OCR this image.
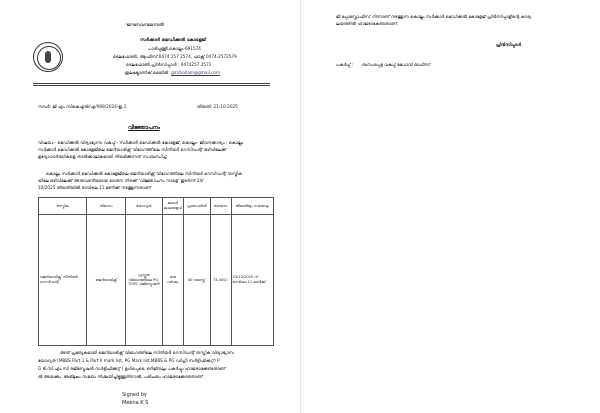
"ജനസേവനമെന്നാൽ"
സർക്കാർ മെഡിക്കൽ കോളേജ്
പാരിപ്പള്ളി,കൊല്ലം-691574
ടെലഫോൺ, ആഫീസ്:0474 257 2574, ഫാക്സ് 0474-2572579
ടെലഫോൺ,പ്രിൻസിപ്പാൾ : 0474257 2572
ഇലക്ട്രോണിക് മെയിൽ: gmckollam@gmail.com
നമ്പർ: ജി എം സികെഎൽ/എ/908/2024-ഇ 2	തീയതി: 21-10-2025
വിജ്ഞാപനം
വിഷയം:- മെഡിക്കൽ വിദ്യാഭ്യാസ വകുപ്പ് - സർക്കാർ മെഡിക്കൽ കോളേജ്, കൊല്ലം- ജീവനക്കാര്യം - കൊല്ലം
സർക്കാർ മെഡിക്കൽ കോളേജിലെ ജെറിയാട്രിക്സ് വിഭാഗത്തിലെ സീനിയർ റെസിഡന്റ് ഒഴിവിലേക്ക്
ഉദ്യോഗാർത്ഥികളെ താൽക്കാലികമായി നിയമിക്കുന്നത് സംബന്ധിച്ച്
കൊല്ലം സർക്കാർ മെഡിക്കൽ കോളേജിലെ ജെറിയാട്രിക്സ് വിഭാഗത്തിലെ സീനിയർ റെസിഡന്റ് തസ്തിക
യിലേ ഒഴിവിലേക്ക് അനുവദനീയമായ വേതന നിരക്ക് 'വിജ്ഞാപനം നാളെ' തുടർന്ന് 24/
10/2025 തീയതിയിൽ രാവിലെ 11 മണിക്ക് നടത്തുന്നതാണ്
തസ്തിക	വിഭാഗം	യോഗ്യത	കരാർ കാലയളവ്	പ്രായപരിധി	വേതനം	തീയതിയും സമയവും
ജെറിയാട്രിക്സ് സീനിയർ റെസിഡന്റ്	ജെറിയാട്രിക്സ്	പ്രസ്തുത വിഭാഗത്തിലെ PG, TCMC രജിസ്ട്രേഷൻ	ഒരു വർഷം	40 വയസ്സ്	73,500/-	24/10/2025 ന് രാവിലെ 11 മണിക്ക്
അത് പ്രത്യേകമായി ജെറിയാട്രിക്സ് വിഭാഗത്തിലെ സീനിയർ റെസിഡന്റ് തസ്തിക വിദ്യാഭ്യാസ
യോഗ്യത (MBBS Part 1 & Part II mark list, PG Mark list,MBBS & PG ഡിഗ്രി സർട്ടിഫിക്കറ്റ്) P
G ടി.സി.എം.സി രജിസ്ട്രേഷൻ സർട്ടിഫിക്കറ്റ് ) ഉൾപ്പെടെ, ഒറിജിനലും പകർപ്പും ഹാജരാക്കേണ്ടതാണ്
ൽ അയക്കും. അഭിമുഖം സമയം നിശ്ചയിച്ചിട്ടുള്ളതിനാൽ, പരിചയം ഹാജരാക്കേണ്ടതാണ്.
Signed by
Meena K S
ജി പ്പോസ്റ്റോഫീസ് നിന്നാണ് നടത്തുന്ന കൊല്ലം സർക്കാർ മെഡിക്കൽ കോളേജ് പ്രിൻസിപ്പാളിന്റെ കാര്യ
ലയത്തിൽ ഹാജരാകേണ്ടതാണ്.
പ്രിൻസിപ്പാൾ
പകർപ്പ് : ബന്ധപ്പെട്ട വകുപ്പ് മേധാവി ഓഫീസ്
